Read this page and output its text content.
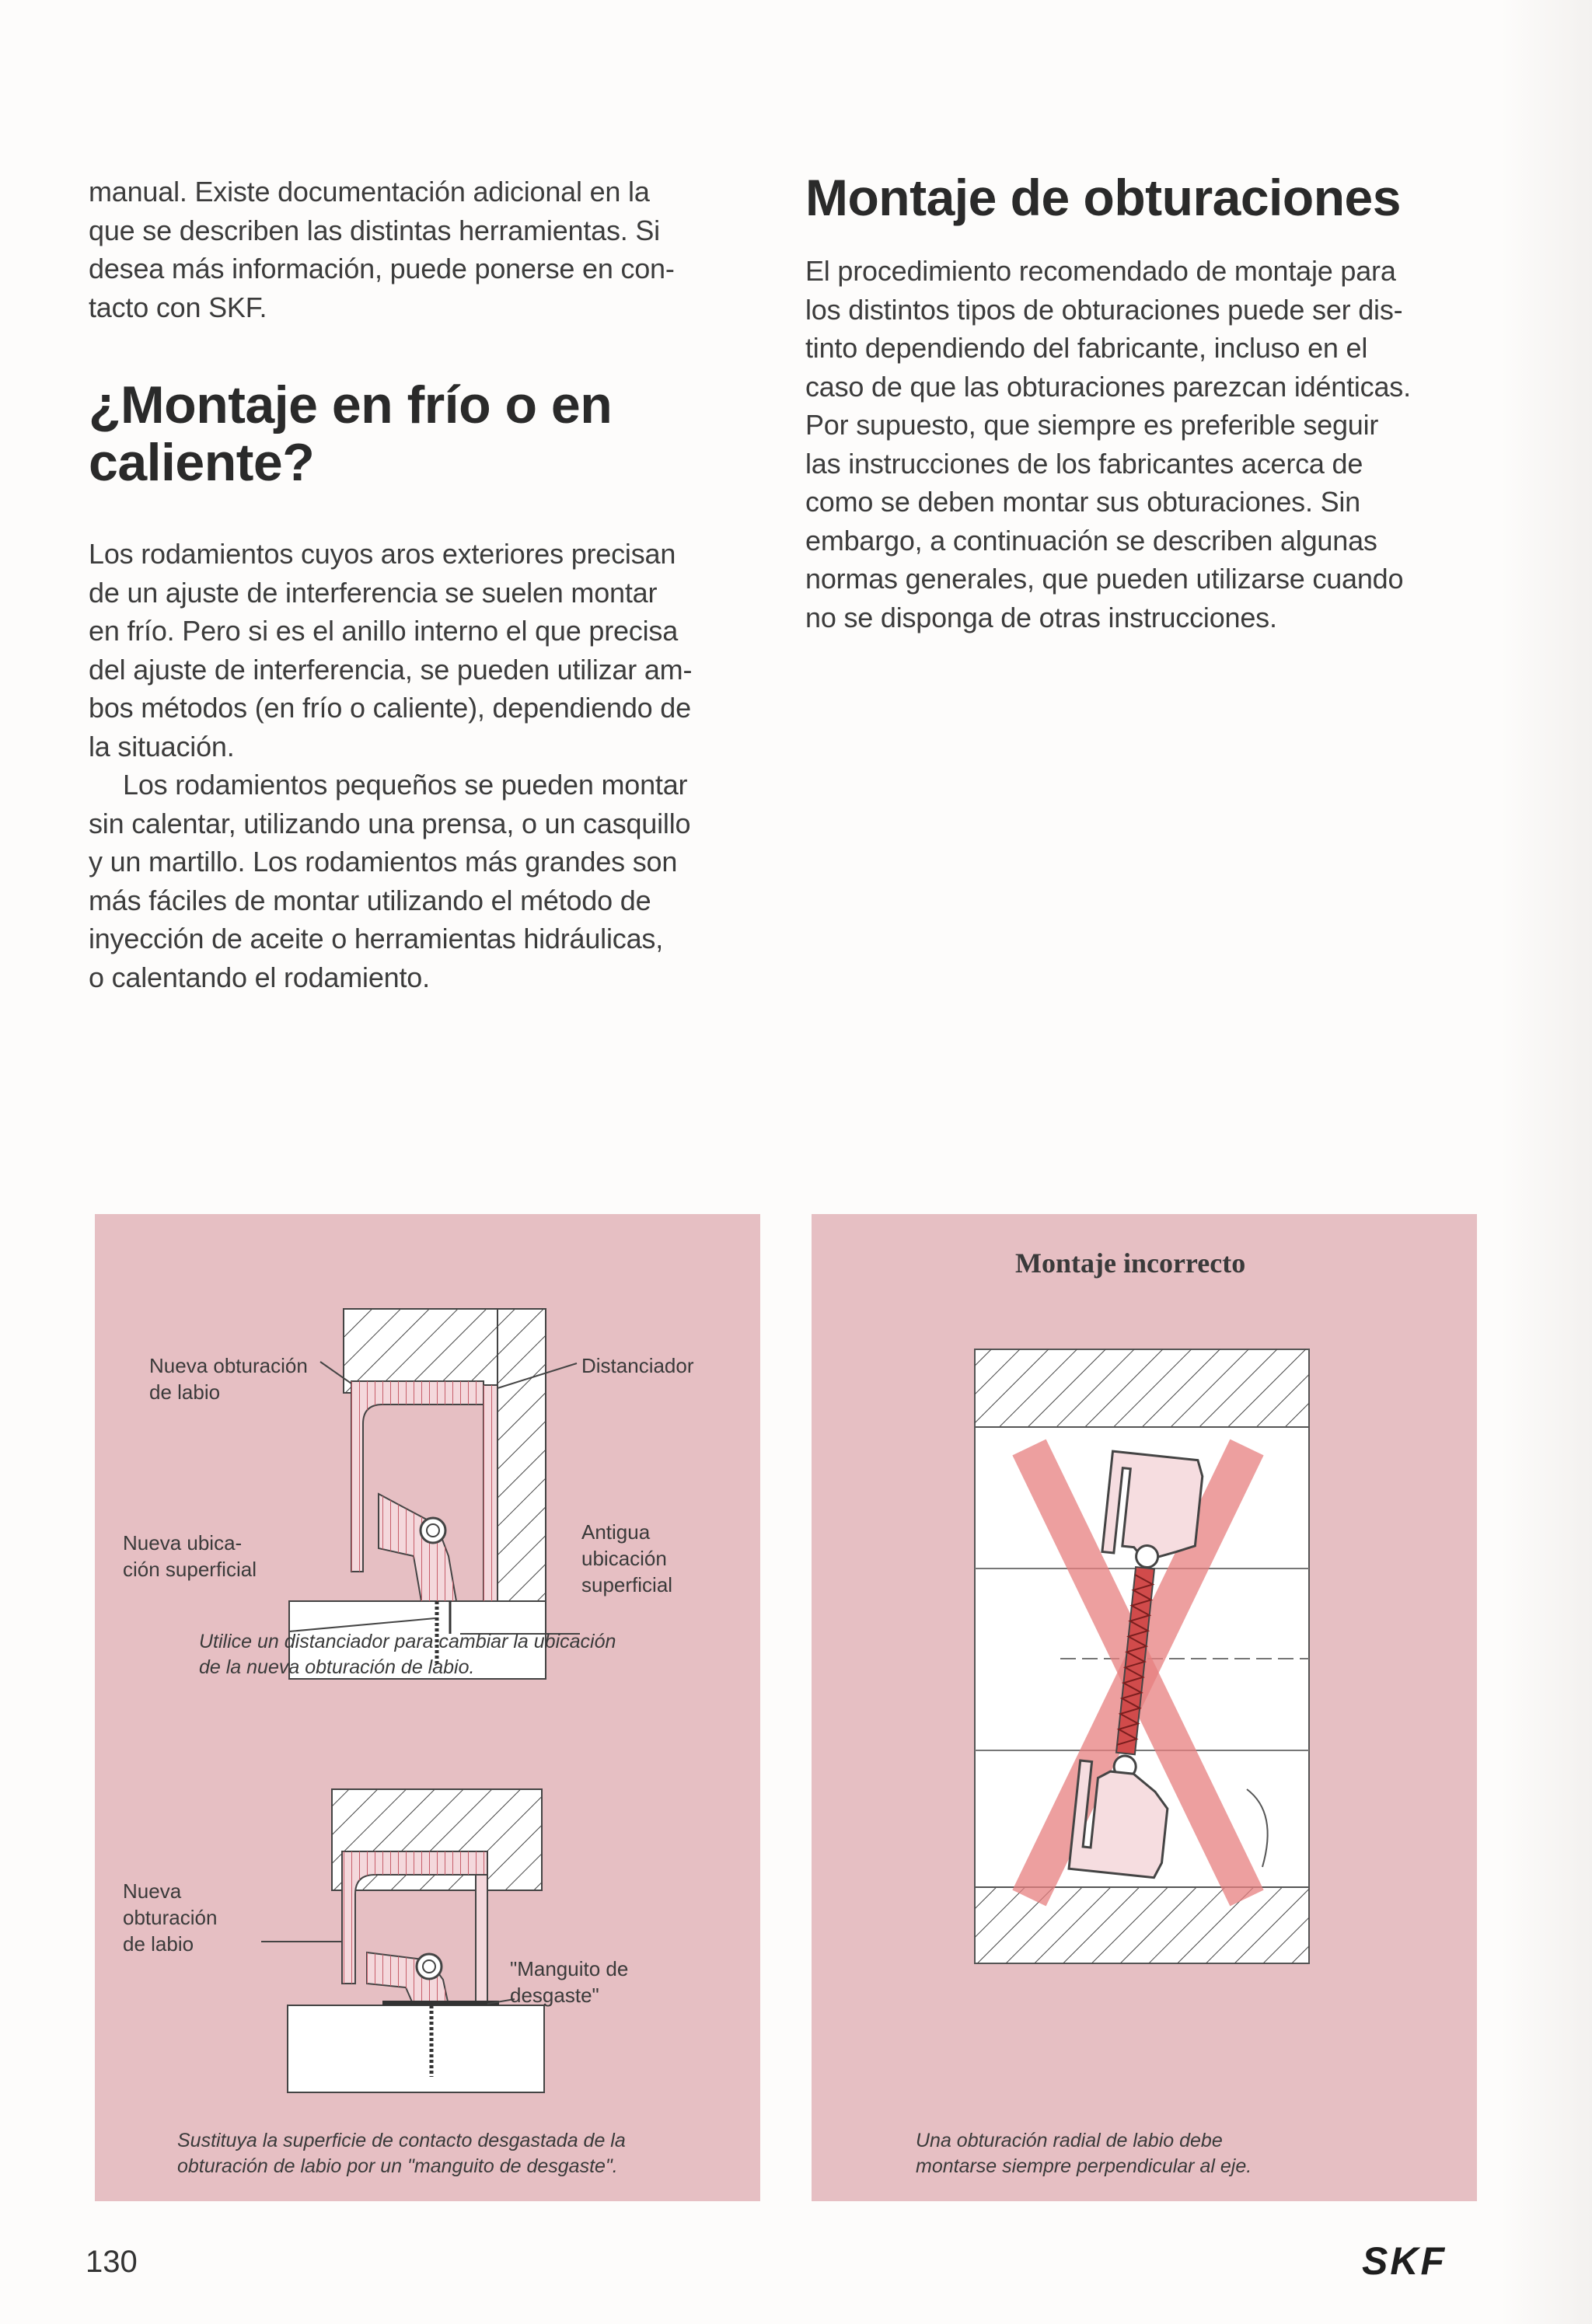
manual. Existe documentación adicional en la

que se describen las distintas herramientas. Si

desea más información, puede ponerse en con-

tacto con SKF.

¿Montaje en frío o en
caliente?

Los rodamientos cuyos aros exteriores precisan

de un ajuste de interferencia se suelen montar

en frío. Pero si es el anillo interno el que precisa

del ajuste de interferencia, se pueden utilizar am-

bos métodos (en frío o caliente), dependiendo de

la situación.

Los rodamientos pequeños se pueden montar

sin calentar, utilizando una prensa, o un casquillo

y un martillo. Los rodamientos más grandes son

más fáciles de montar utilizando el método de

inyección de aceite o herramientas hidráulicas,

o calentando el rodamiento.

Montaje de obturaciones

El procedimiento recomendado de montaje para

los distintos tipos de obturaciones puede ser dis-

tinto dependiendo del fabricante, incluso en el

caso de que las obturaciones parezcan idénticas.

Por supuesto, que siempre es preferible seguir

las instrucciones de los fabricantes acerca de

como se deben montar sus obturaciones. Sin

embargo, a continuación se describen algunas

normas generales, que pueden utilizarse cuando

no se disponga de otras instrucciones.

Nueva obturación
de labio
Distanciador
Nueva ubica-
ción superficial
Antigua
ubicación
superficial
Utilice un distanciador para cambiar la ubicación
de la nueva obturación de labio.
Nueva
obturación
de labio
"Manguito de
desgaste"
Sustituya la superficie de contacto desgastada de la
obturación de labio por un "manguito de desgaste".
Montaje incorrecto
Una obturación radial de labio debe
montarse siempre perpendicular al eje.
130	SKF
